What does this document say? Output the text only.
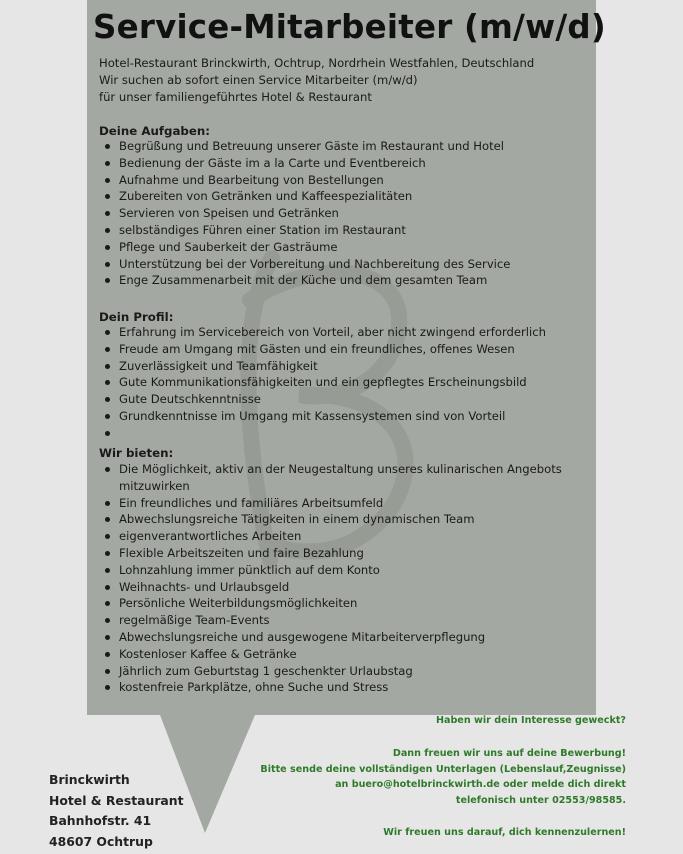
Service-Mitarbeiter (m/w/d)
Hotel-Restaurant Brinckwirth, Ochtrup, Nordrhein Westfahlen, Deutschland
Wir suchen ab sofort einen Service Mitarbeiter (m/w/d)
für unser familiengeführtes Hotel & Restaurant
Deine Aufgaben:
Begrüßung und Betreuung unserer Gäste im Restaurant und Hotel
Bedienung der Gäste im a la Carte und Eventbereich
Aufnahme und Bearbeitung von Bestellungen
Zubereiten von Getränken und Kaffeespezialitäten
Servieren von Speisen und Getränken
selbständiges Führen einer Station im Restaurant
Pflege und Sauberkeit der Gasträume
Unterstützung bei der Vorbereitung und Nachbereitung des Service
Enge Zusammenarbeit mit der Küche und dem gesamten Team
Dein Profil:
Erfahrung im Servicebereich von Vorteil, aber nicht zwingend erforderlich
Freude am Umgang mit Gästen und ein freundliches, offenes Wesen
Zuverlässigkeit und Teamfähigkeit
Gute Kommunikationsfähigkeiten und ein gepflegtes Erscheinungsbild
Gute Deutschkenntnisse
Grundkenntnisse im Umgang mit Kassensystemen sind von Vorteil
Wir bieten:
Die Möglichkeit, aktiv an der Neugestaltung unseres kulinarischen Angebots mitzuwirken
Ein freundliches und familiäres Arbeitsumfeld
Abwechslungsreiche Tätigkeiten in einem dynamischen Team
eigenverantwortliches Arbeiten
Flexible Arbeitszeiten und faire Bezahlung
Lohnzahlung immer pünktlich auf dem Konto
Weihnachts- und Urlaubsgeld
Persönliche Weiterbildungsmöglichkeiten
regelmäßige Team-Events
Abwechslungsreiche und ausgewogene Mitarbeiterverpflegung
Kostenloser Kaffee & Getränke
Jährlich zum Geburtstag 1 geschenkter Urlaubstag
kostenfreie Parkplätze, ohne Suche und Stress
Haben wir dein Interesse geweckt?
Dann freuen wir uns auf deine Bewerbung!
Bitte sende deine vollständigen Unterlagen (Lebenslauf,Zeugnisse)
an buero@hotelbrinckwirth.de oder melde dich direkt
telefonisch unter 02553/98585.
Wir freuen uns darauf, dich kennenzulernen!
Brinckwirth
Hotel & Restaurant
Bahnhofstr. 41
48607 Ochtrup
